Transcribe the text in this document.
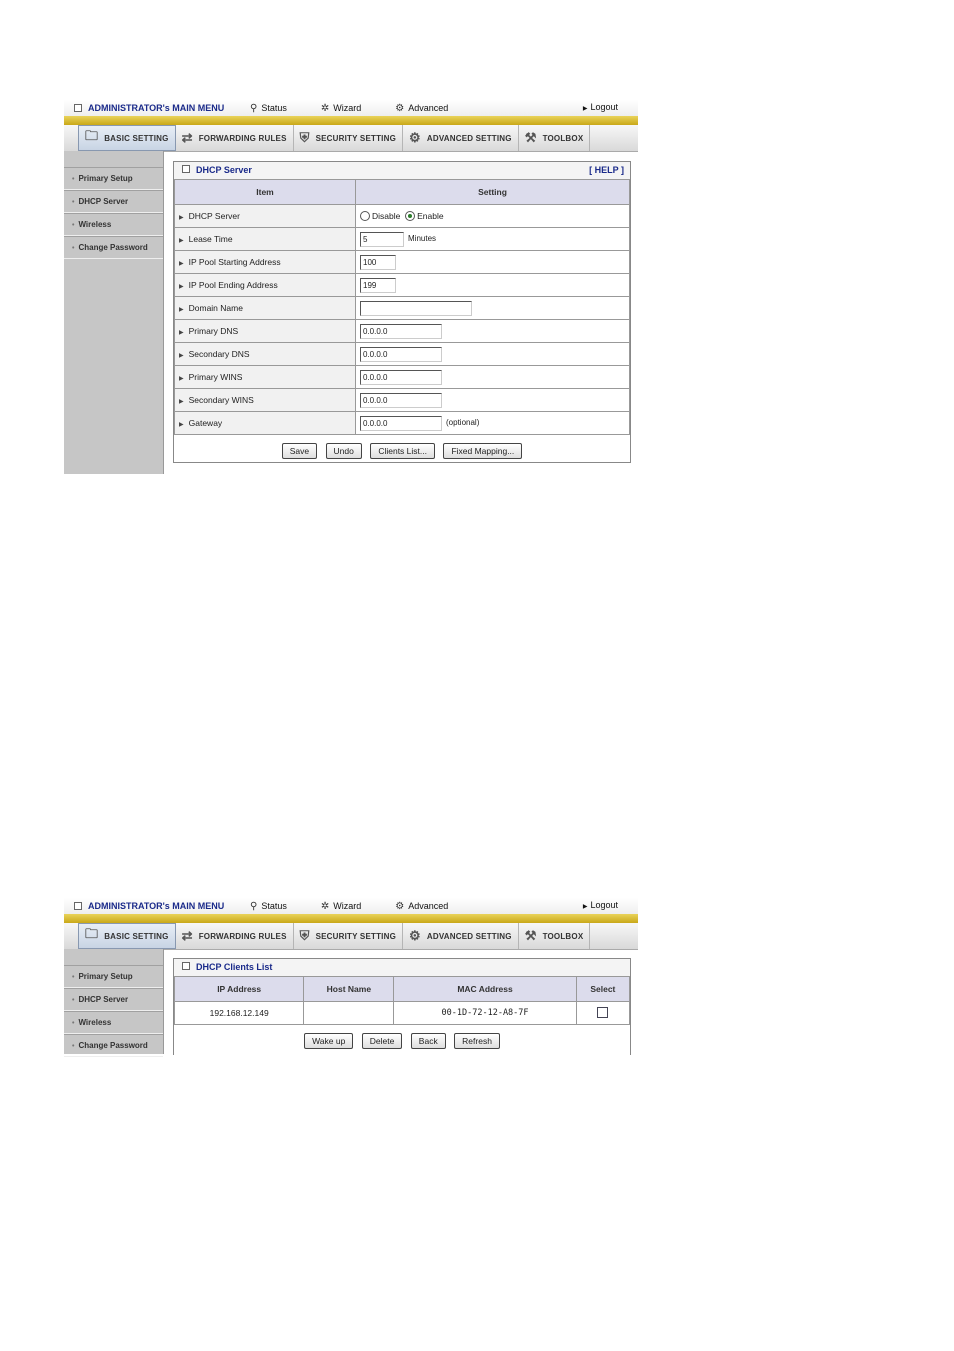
ADMINISTRATOR's MAIN MENU	⚲ Status	✲ Wizard	⚙ Advanced	▶ Logout
🗀 BASIC SETTING ⇄ FORWARDING RULES ⛨ SECURITY SETTING ⚙ ADVANCED SETTING ⚒ TOOLBOX
• Primary Setup
• DHCP Server
• Wireless
• Change Password
DHCP Server	[ HELP ]
Item	Setting
▶ DHCP Server	Disable Enable
▶ Lease Time	5 Minutes
▶ IP Pool Starting Address	100
▶ IP Pool Ending Address	199
▶ Domain Name	
▶ Primary DNS	0.0.0.0
▶ Secondary DNS	0.0.0.0
▶ Primary WINS	0.0.0.0
▶ Secondary WINS	0.0.0.0
▶ Gateway	0.0.0.0 (optional)
Save	Undo	Clients List...	Fixed Mapping...
ADMINISTRATOR's MAIN MENU	⚲ Status	✲ Wizard	⚙ Advanced	▶ Logout
🗀 BASIC SETTING ⇄ FORWARDING RULES ⛨ SECURITY SETTING ⚙ ADVANCED SETTING ⚒ TOOLBOX
• Primary Setup
• DHCP Server
• Wireless
• Change Password
DHCP Clients List
IP Address	Host Name	MAC Address	Select
192.168.12.149		00-1D-72-12-A8-7F	
Wake up	Delete	Back	Refresh
